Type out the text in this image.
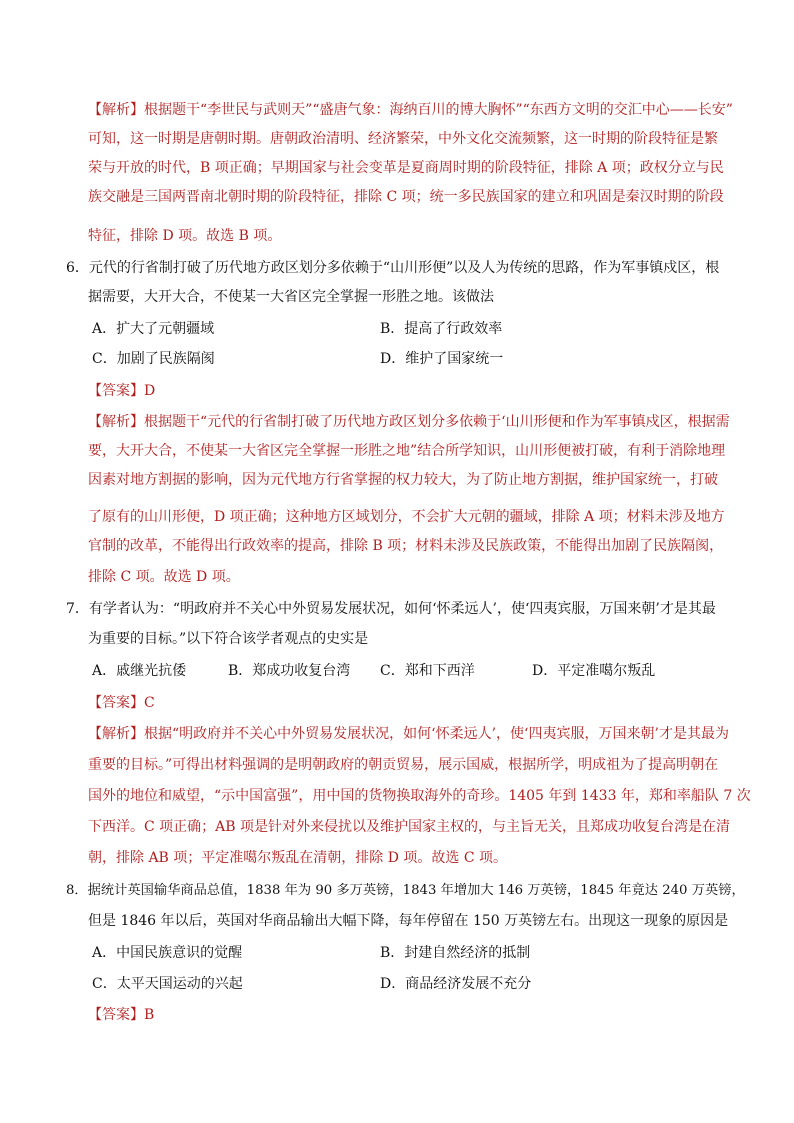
【解析】根据题干“李世民与武则天”“盛唐气象：海纳百川的博大胸怀”“东西方文明的交汇中心——长安”
可知，这一时期是唐朝时期。唐朝政治清明、经济繁荣，中外文化交流频繁，这一时期的阶段特征是繁
荣与开放的时代，B 项正确；早期国家与社会变革是夏商周时期的阶段特征，排除 A 项；政权分立与民
族交融是三国两晋南北朝时期的阶段特征，排除 C 项；统一多民族国家的建立和巩固是秦汉时期的阶段
特征，排除 D 项。故选 B 项。
6．元代的行省制打破了历代地方政区划分多依赖于“山川形便”以及人为传统的思路，作为军事镇戍区，根
据需要，大开大合，不使某一大省区完全掌握一形胜之地。该做法
A．扩大了元朝疆域	B．提高了行政效率
C．加剧了民族隔阂	D．维护了国家统一
【答案】D
【解析】根据题干“元代的行省制打破了历代地方政区划分多依赖于‘山川形便和作为军事镇戍区，根据需
要，大开大合，不使某一大省区完全掌握一形胜之地”结合所学知识，山川形便被打破，有利于消除地理
因素对地方割据的影响，因为元代地方行省掌握的权力较大，为了防止地方割据，维护国家统一，打破
了原有的山川形便，D 项正确；这种地方区域划分，不会扩大元朝的疆域，排除 A 项；材料未涉及地方
官制的改革，不能得出行政效率的提高，排除 B 项；材料未涉及民族政策，不能得出加剧了民族隔阂，
排除 C 项。故选 D 项。
7．有学者认为：“明政府并不关心中外贸易发展状况，如何‘怀柔远人’，使‘四夷宾服，万国来朝’才是其最
为重要的目标。”以下符合该学者观点的史实是
A．戚继光抗倭	B．郑成功收复台湾 C．郑和下西洋	D．平定准噶尔叛乱
【答案】C
【解析】根据“明政府并不关心中外贸易发展状况，如何‘怀柔远人’，使‘四夷宾服，万国来朝’才是其最为
重要的目标。”可得出材料强调的是明朝政府的朝贡贸易，展示国威，根据所学，明成祖为了提高明朝在
国外的地位和威望，“示中国富强”，用中国的货物换取海外的奇珍。1405 年到 1433 年，郑和率船队 7 次
下西洋。C 项正确；AB 项是针对外来侵扰以及维护国家主权的，与主旨无关，且郑成功收复台湾是在清
朝，排除 AB 项；平定准噶尔叛乱在清朝，排除 D 项。故选 C 项。
8．据统计英国输华商品总值，1838 年为 90 多万英镑，1843 年增加大 146 万英镑，1845 年竟达 240 万英镑，
但是 1846 年以后，英国对华商品输出大幅下降，每年停留在 150 万英镑左右。出现这一现象的原因是
A．中国民族意识的觉醒	B．封建自然经济的抵制
C．太平天国运动的兴起	D．商品经济发展不充分
【答案】B
